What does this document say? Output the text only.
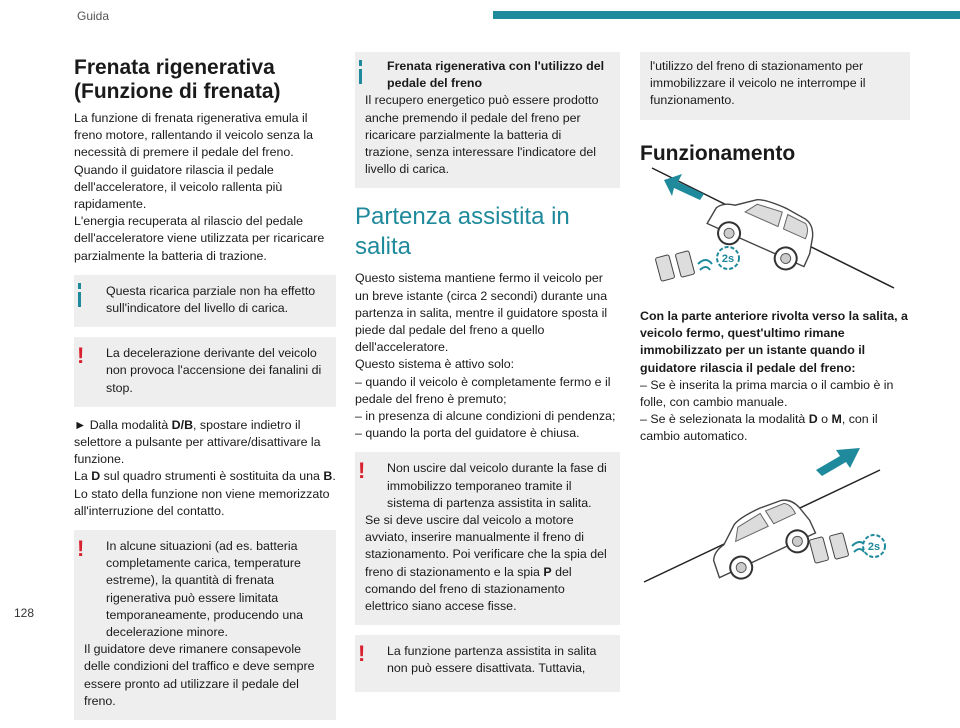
Guida
128
Frenata rigenerativa (Funzione di frenata)

La funzione di frenata rigenerativa emula il freno motore, rallentando il veicolo senza la necessità di premere il pedale del freno. Quando il guidatore rilascia il pedale dell'acceleratore, il veicolo rallenta più rapidamente.

L'energia recuperata al rilascio del pedale dell'acceleratore viene utilizzata per ricaricare parzialmente la batteria di trazione.

Questa ricarica parziale non ha effetto sull'indicatore del livello di carica.

!	La decelerazione derivante del veicolo non provoca l'accensione dei fanalini di stop.

► Dalla modalità D/B, spostare indietro il selettore a pulsante per attivare/disattivare la funzione.

La D sul quadro strumenti è sostituita da una B.

Lo stato della funzione non viene memorizzato all'interruzione del contatto.

!	In alcune situazioni (ad es. batteria completamente carica, temperature estreme), la quantità di frenata rigenerativa può essere limitata temporaneamente, producendo una decelerazione minore.

Il guidatore deve rimanere consapevole delle condizioni del traffico e deve sempre essere pronto ad utilizzare il pedale del freno.

Frenata rigenerativa con l'utilizzo del pedale del freno

Il recupero energetico può essere prodotto anche premendo il pedale del freno per ricaricare parzialmente la batteria di trazione, senza interessare l'indicatore del livello di carica.

Partenza assistita in salita

Questo sistema mantiene fermo il veicolo per un breve istante (circa 2 secondi) durante una partenza in salita, mentre il guidatore sposta il piede dal pedale del freno a quello dell'acceleratore.

Questo sistema è attivo solo:

– quando il veicolo è completamente fermo e il pedale del freno è premuto;

– in presenza di alcune condizioni di pendenza;

– quando la porta del guidatore è chiusa.

!	Non uscire dal veicolo durante la fase di immobilizzo temporaneo tramite il sistema di partenza assistita in salita.

Se si deve uscire dal veicolo a motore avviato, inserire manualmente il freno di stazionamento. Poi verificare che la spia del freno di stazionamento e la spia P del comando del freno di stazionamento elettrico siano accese fisse.

!	La funzione partenza assistita in salita non può essere disattivata. Tuttavia,

l'utilizzo del freno di stazionamento per immobilizzare il veicolo ne interrompe il funzionamento.

Funzionamento
2s

Con la parte anteriore rivolta verso la salita, a veicolo fermo, quest'ultimo rimane immobilizzato per un istante quando il guidatore rilascia il pedale del freno:

– Se è inserita la prima marcia o il cambio è in folle, con cambio manuale.

– Se è selezionata la modalità D o M, con il cambio automatico.

2s
